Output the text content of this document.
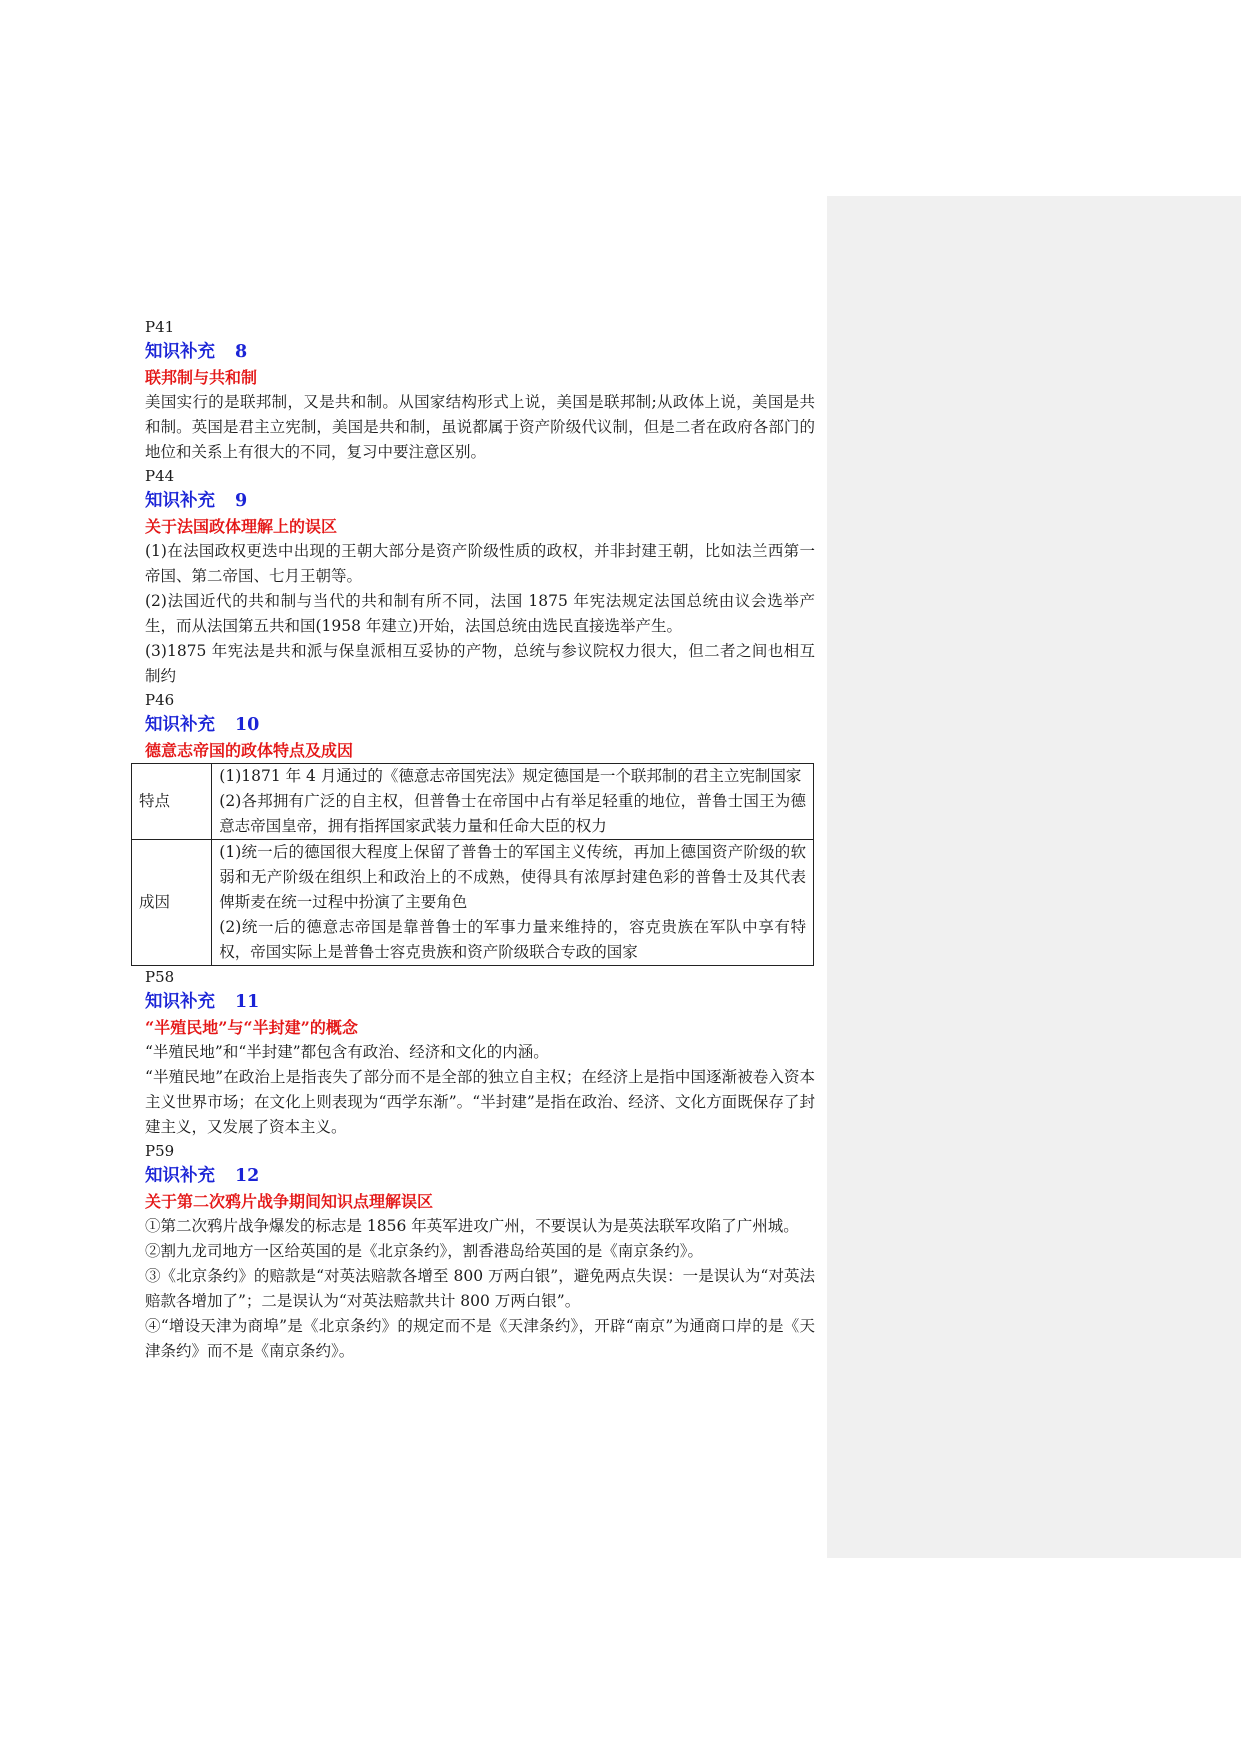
P41
知识补充 8
联邦制与共和制

美国实行的是联邦制，又是共和制。从国家结构形式上说，美国是联邦制;从政体上说，美国是共和制。英国是君主立宪制，美国是共和制，虽说都属于资产阶级代议制，但是二者在政府各部门的地位和关系上有很大的不同，复习中要注意区别。

P44
知识补充 9
关于法国政体理解上的误区

(1)在法国政权更迭中出现的王朝大部分是资产阶级性质的政权，并非封建王朝，比如法兰西第一帝国、第二帝国、七月王朝等。

(2)法国近代的共和制与当代的共和制有所不同，法国 1875 年宪法规定法国总统由议会选举产生，而从法国第五共和国(1958 年建立)开始，法国总统由选民直接选举产生。

(3)1875 年宪法是共和派与保皇派相互妥协的产物，总统与参议院权力很大，但二者之间也相互制约

P46
知识补充 10
德意志帝国的政体特点及成因
特点	(1)1871 年 4 月通过的《德意志帝国宪法》规定德国是一个联邦制的君主立宪制国家

(2)各邦拥有广泛的自主权，但普鲁士在帝国中占有举足轻重的地位，普鲁士国王为德意志帝国皇帝，拥有指挥国家武装力量和任命大臣的权力

成因	(1)统一后的德国很大程度上保留了普鲁士的军国主义传统，再加上德国资产阶级的软弱和无产阶级在组织上和政治上的不成熟，使得具有浓厚封建色彩的普鲁士及其代表俾斯麦在统一过程中扮演了主要角色

(2)统一后的德意志帝国是靠普鲁士的军事力量来维持的，容克贵族在军队中享有特权，帝国实际上是普鲁士容克贵族和资产阶级联合专政的国家

P58
知识补充 11
“半殖民地”与“半封建”的概念

“半殖民地”和“半封建”都包含有政治、经济和文化的内涵。

“半殖民地”在政治上是指丧失了部分而不是全部的独立自主权；在经济上是指中国逐渐被卷入资本主义世界市场；在文化上则表现为“西学东渐”。“半封建”是指在政治、经济、文化方面既保存了封建主义，又发展了资本主义。

P59
知识补充 12
关于第二次鸦片战争期间知识点理解误区

①第二次鸦片战争爆发的标志是 1856 年英军进攻广州，不要误认为是英法联军攻陷了广州城。

②割九龙司地方一区给英国的是《北京条约》，割香港岛给英国的是《南京条约》。

③《北京条约》的赔款是“对英法赔款各增至 800 万两白银”，避免两点失误：一是误认为“对英法赔款各增加了”；二是误认为“对英法赔款共计 800 万两白银”。

④“增设天津为商埠”是《北京条约》的规定而不是《天津条约》，开辟“南京”为通商口岸的是《天津条约》而不是《南京条约》。
